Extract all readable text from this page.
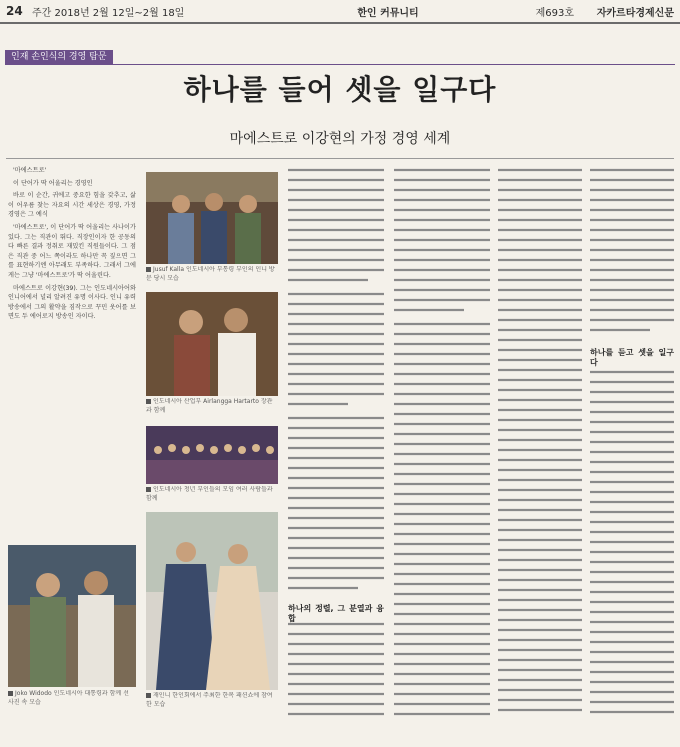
24 주간 2018년 2월 12일~2월 18일	한인 커뮤니티	제693호	자카르타경제신문
인재 손인식의 경영 탐문
하나를 들어 셋을 일구다
마에스트로 이강현의 가정 경영 세계

'마에스트로'

이 단어가 딱 어울리는 경영인

바로 이 순간, 귀에고 중요한 힘을 갖추고, 삶이 어우름 찾는 자요의 시간 세상은 경영, 가정 경영은 그 예식

'마에스트로', 이 단어가 딱 어울리는 사나이가 있다. 그는 직관이 뛰다. 직장인이자 한 공동의 다 빠른 결과 정취로 재밌킨 직원들이다. 그 점은 직관 중 어느 쪽이라도 하나만 꼭 짚으면 그를 표현하기엔 아무래도 부족하다. 그래서 그에게는 그냥 '마에스트로'가 딱 어울린다.

마에스트로 이강현(39). 그는 인도네시아어와 인니어에서 널리 알려진 유명 이사다. 인니 유력 방송에서 그의 활약을 짐작으로 꾸민 웃어를 보면도 두 에어로지 방송인 자이다.

Joko Widodo 인도네시아 대통령과 함께 선 사진 속 모습
Jusuf Kalla 인도네시아 부통령 부인의 인니 방문 당시 모습
인도네시아 산업부 Airlangga Hartarto 장관과 함께
인도네시아 청년 부인들의 모임 여러 사람들과 함께
재인니 한인회에서 주최한 한복 패션쇼에 참여한 모습
하나의 정렬, 그 분열과 융합
하나를 듣고 셋을 일구다
